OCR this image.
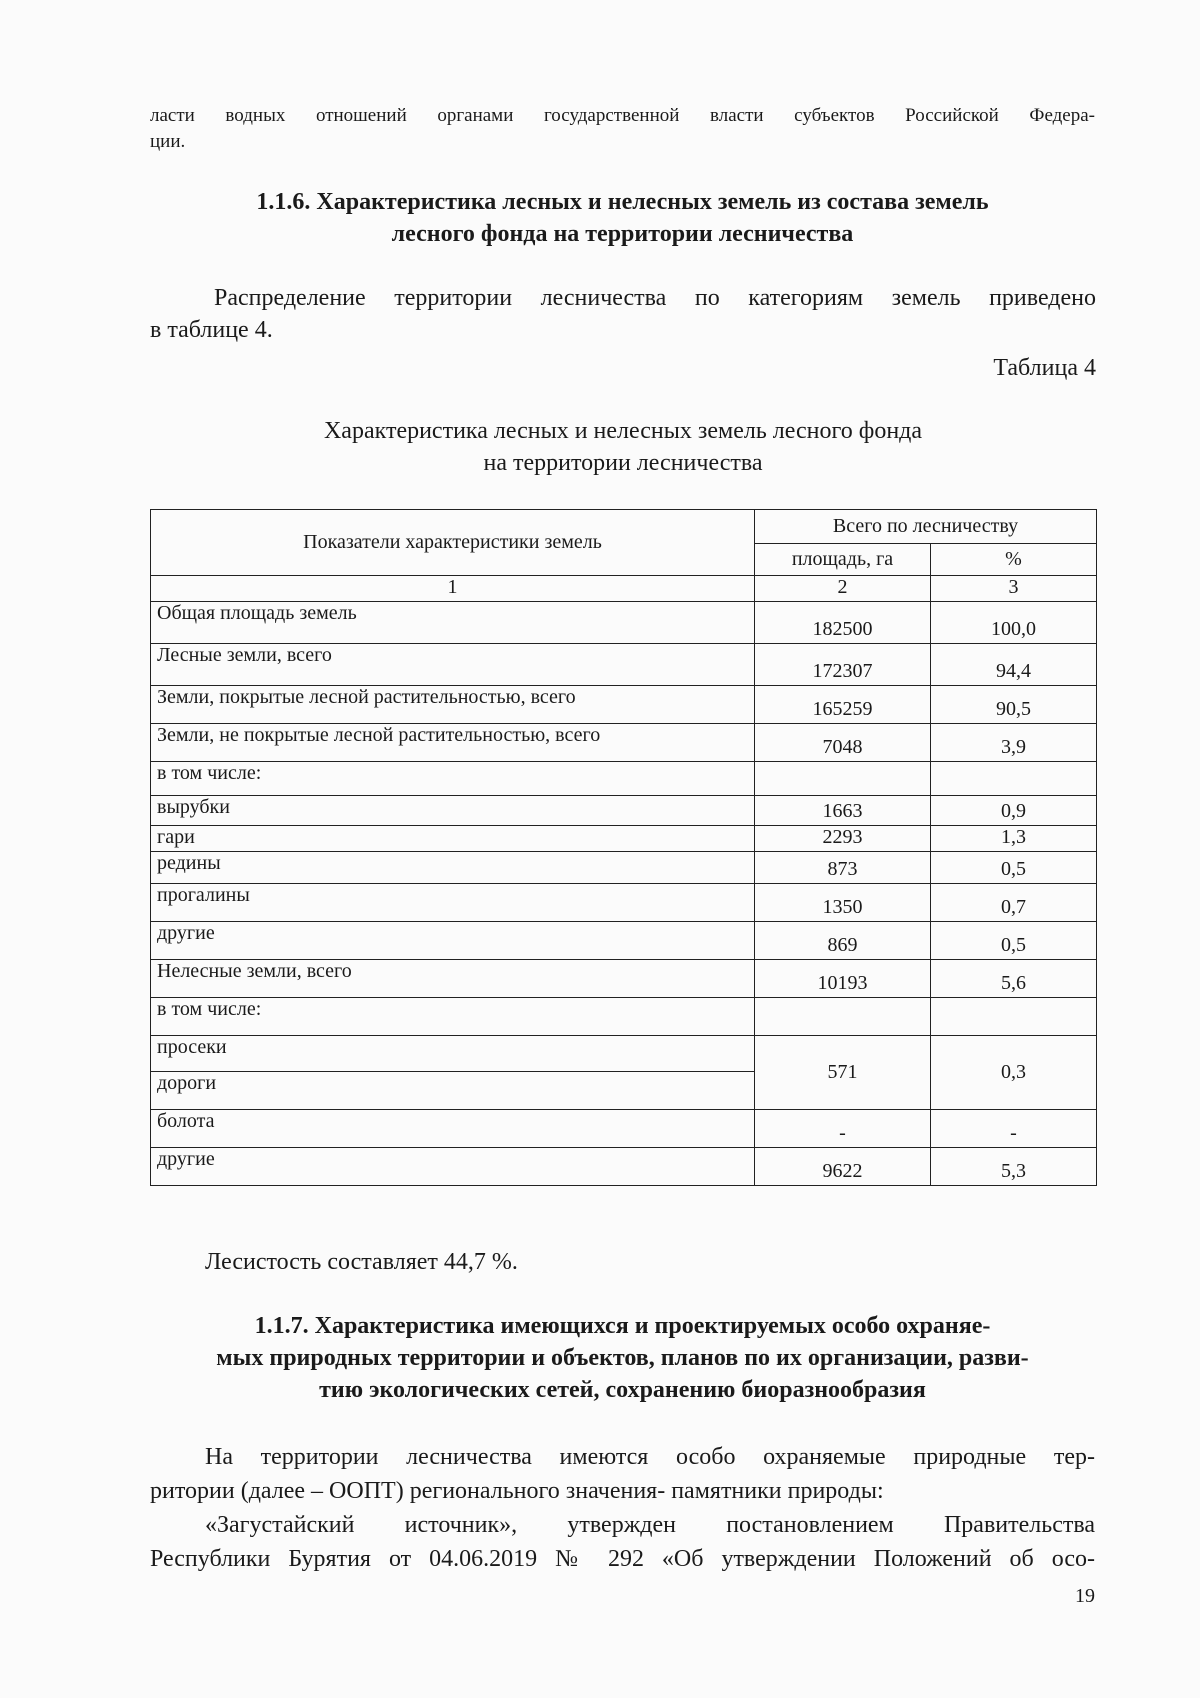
ласти водных отношений органами государственной власти субъектов Российской Федера-
ции.
1.1.6. Характеристика лесных и нелесных земель из состава земель
лесного фонда на территории лесничества
Распределение территории лесничества по категориям земель приведено
в таблице 4.
Таблица 4
Характеристика лесных и нелесных земель лесного фонда
на территории лесничества
Показатели характеристики земель	Всего по лесничеству	
	площадь, га	%
1	2	3
Общая площадь земель	182500	100,0
Лесные земли, всего	172307	94,4
Земли, покрытые лесной растительностью, всего	165259	90,5
Земли, не покрытые лесной растительностью, всего	7048	3,9
в том числе:		
вырубки	1663	0,9
гари	2293	1,3
редины	873	0,5
прогалины	1350	0,7
другие	869	0,5
Нелесные земли, всего	10193	5,6
в том числе:		
просеки	571	0,3
дороги		
болота	-	-
другие	9622	5,3
Лесистость составляет 44,7 %.
1.1.7. Характеристика имеющихся и проектируемых особо охраняе-
мых природных территории и объектов, планов по их организации, разви-
тию экологических сетей, сохранению биоразнообразия
На территории лесничества имеются особо охраняемые природные тер-
ритории (далее – ООПТ) регионального значения- памятники природы:
«Загустайский источник», утвержден постановлением Правительства
Республики Бурятия от 04.06.2019 № 292 «Об утверждении Положений об осо-
19
